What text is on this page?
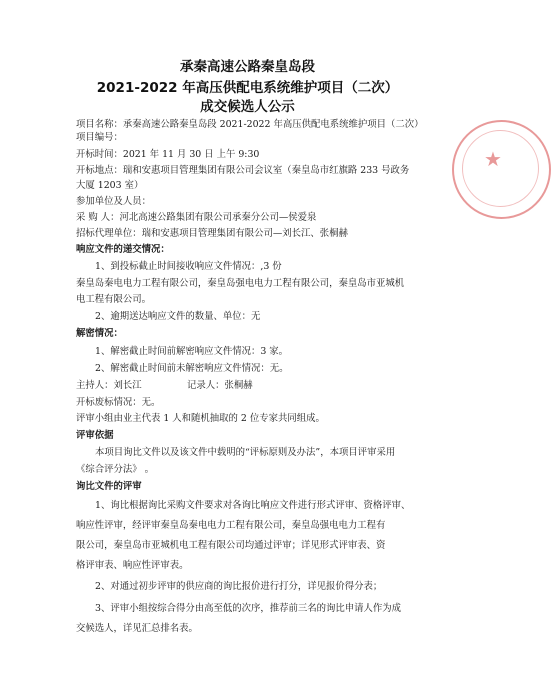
★
承秦高速公路秦皇岛段
2021-2022 年高压供配电系统维护项目（二次）
成交候选人公示
项目名称：承秦高速公路秦皇岛段 2021-2022 年高压供配电系统维护项目（二次）
项目编号：
开标时间：2021 年 11 月 30 日 上午 9:30
开标地点：瑞和安惠项目管理集团有限公司会议室（秦皇岛市红旗路 233 号政务
大厦 1203 室）
参加单位及人员：
采 购 人：河北高速公路集团有限公司承秦分公司—侯爱泉
招标代理单位：瑞和安惠项目管理集团有限公司—刘长江、张桐赫
响应文件的递交情况：
1、到投标截止时间接收响应文件情况：,3 份
秦皇岛秦电电力工程有限公司，秦皇岛强电电力工程有限公司，秦皇岛市亚城机
电工程有限公司。
2、逾期送达响应文件的数量、单位：无
解密情况：
1、解密截止时间前解密响应文件情况：3 家。
2、解密截止时间前未解密响应文件情况：无。
主持人：刘长江	记录人：张桐赫
开标废标情况：无。
评审小组由业主代表 1 人和随机抽取的 2 位专家共同组成。
评审依据
本项目询比文件以及该文件中载明的“评标原则及办法”，本项目评审采用
《综合评分法》 。
询比文件的评审
1、询比根据询比采购文件要求对各询比响应文件进行形式评审、资格评审、
响应性评审，经评审秦皇岛秦电电力工程有限公司，秦皇岛强电电力工程有
限公司，秦皇岛市亚城机电工程有限公司均通过评审；详见形式评审表、资
格评审表、响应性评审表。
2、对通过初步评审的供应商的询比报价进行打分，详见报价得分表；
3、评审小组按综合得分由高至低的次序，推荐前三名的询比申请人作为成
交候选人，详见汇总排名表。
